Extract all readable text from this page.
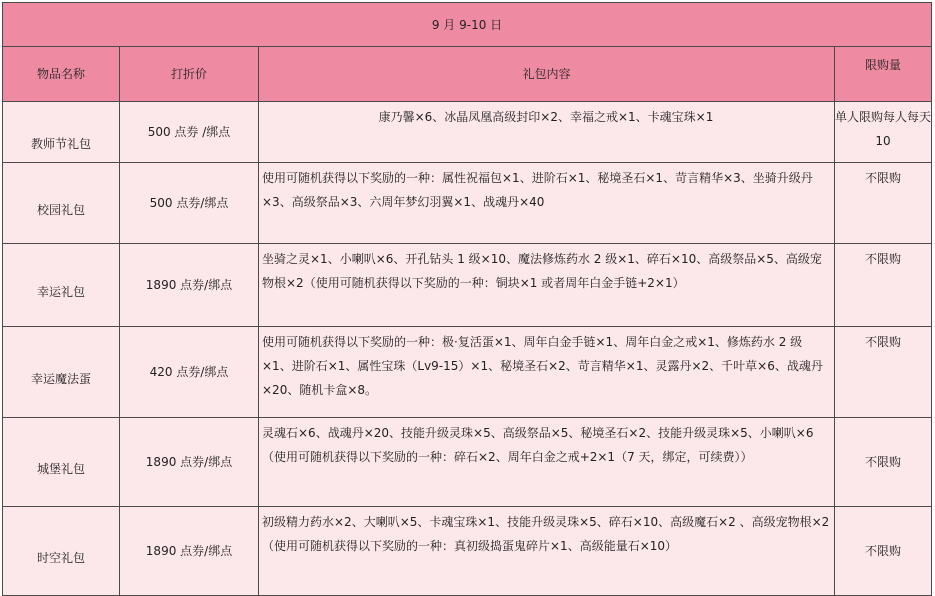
9 月 9-10 日			
物品名称	打折价	礼包内容	限购量
教师节礼包	500 点券 /绑点	康乃馨×6、冰晶凤凰高级封印×2、幸福之戒×1、卡魂宝珠×1	单人限购每人每天 10
校园礼包	500 点券/绑点	使用可随机获得以下奖励的一种：属性祝福包×1、进阶石×1、秘境圣石×1、苛言精华×3、坐骑升级丹×3、高级祭品×3、六周年梦幻羽翼×1、战魂丹×40	不限购
幸运礼包	1890 点券/绑点	坐骑之灵×1、小喇叭×6、开孔钻头 1 级×10、魔法修炼药水 2 级×1、碎石×10、高级祭品×5、高级宠物根×2（使用可随机获得以下奖励的一种：铜块×1 或者周年白金手链+2×1）	不限购
幸运魔法蛋	420 点券/绑点	使用可随机获得以下奖励的一种：极·复活蛋×1、周年白金手链×1、周年白金之戒×1、修炼药水 2 级×1、进阶石×1、属性宝珠（Lv9-15）×1、秘境圣石×2、苛言精华×1、灵露丹×2、千叶草×6、战魂丹×20、随机卡盒×8。	不限购
城堡礼包	1890 点券/绑点	灵魂石×6、战魂丹×20、技能升级灵珠×5、高级祭品×5、秘境圣石×2、技能升级灵珠×5、小喇叭×6（使用可随机获得以下奖励的一种：碎石×2、周年白金之戒+2×1（7 天，绑定，可续费））	不限购
时空礼包	1890 点券/绑点	初级精力药水×2、大喇叭×5、卡魂宝珠×1、技能升级灵珠×5、碎石×10、高级魔石×2 、高级宠物根×2（使用可随机获得以下奖励的一种：真初级捣蛋鬼碎片×1、高级能量石×10）	不限购
